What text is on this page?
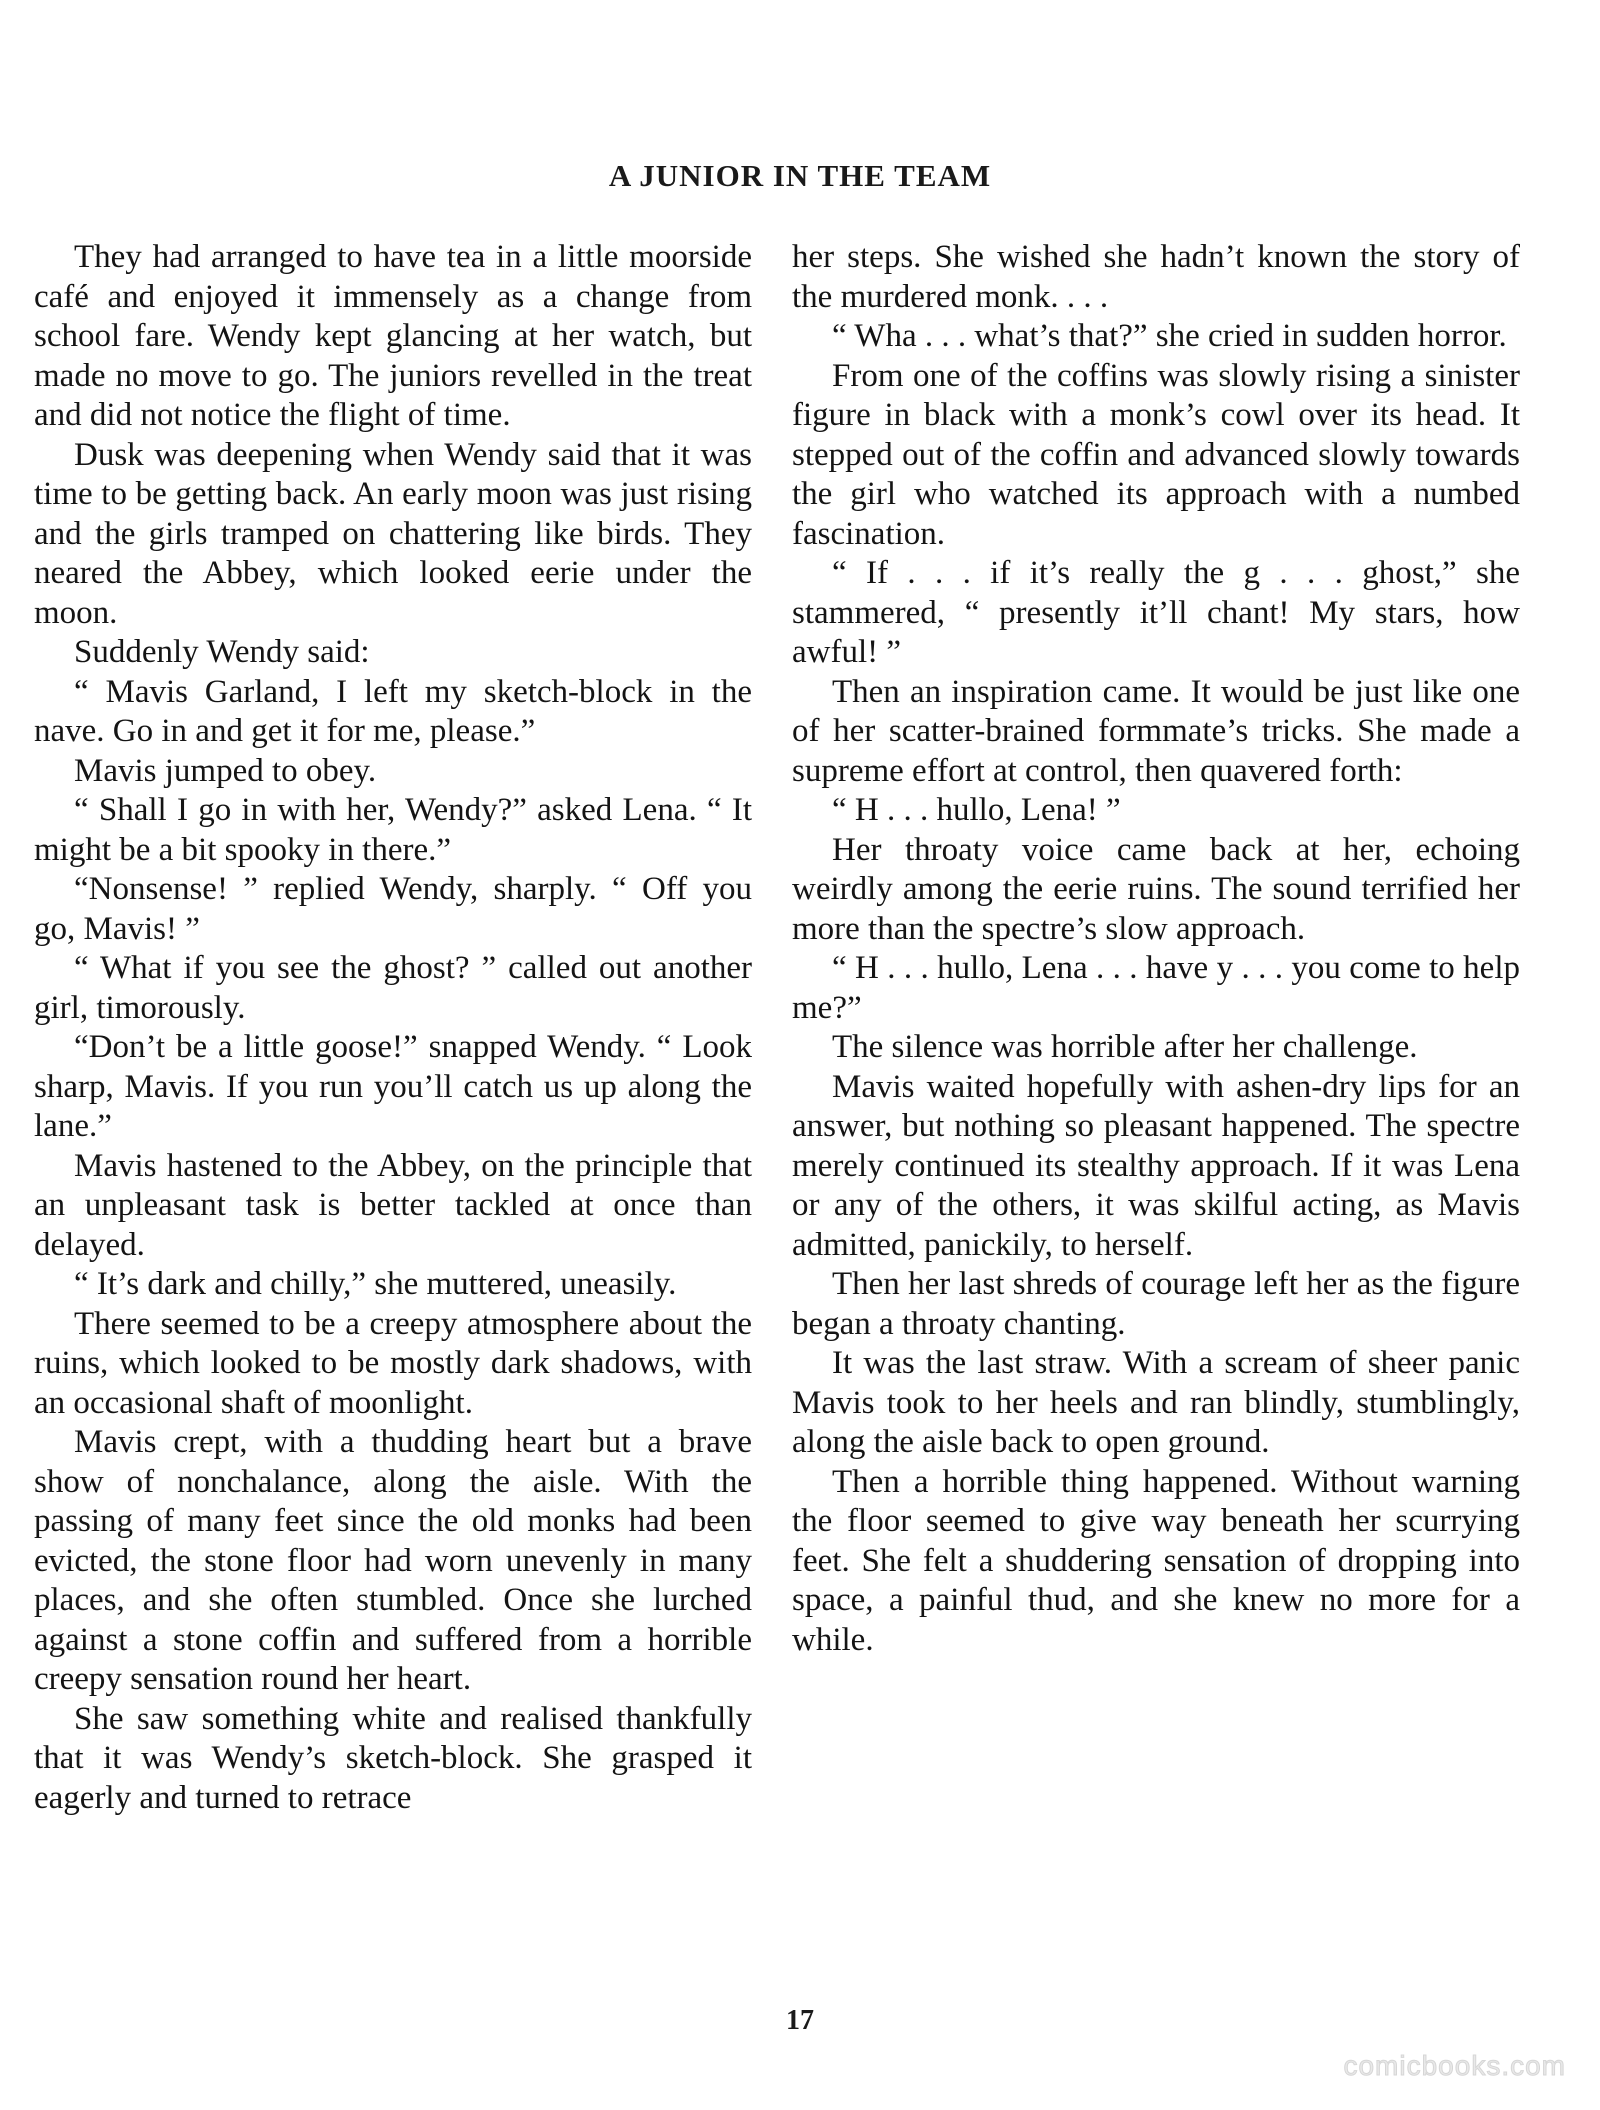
A JUNIOR IN THE TEAM

They had arranged to have tea in a little moorside café and enjoyed it immensely as a change from school fare. Wendy kept glancing at her watch, but made no move to go. The juniors revelled in the treat and did not notice the flight of time.

Dusk was deepening when Wendy said that it was time to be getting back. An early moon was just rising and the girls tramped on chattering like birds. They neared the Abbey, which looked eerie under the moon.

Suddenly Wendy said:

“ Mavis Garland, I left my sketch-block in the nave. Go in and get it for me, please.”

Mavis jumped to obey.

“ Shall I go in with her, Wendy?” asked Lena. “ It might be a bit spooky in there.”

“Nonsense! ” replied Wendy, sharply. “ Off you go, Mavis! ”

“ What if you see the ghost? ” called out another girl, timorously.

“Don’t be a little goose!” snapped Wendy. “ Look sharp, Mavis. If you run you’ll catch us up along the lane.”

Mavis hastened to the Abbey, on the principle that an unpleasant task is better tackled at once than delayed.

“ It’s dark and chilly,” she muttered, uneasily.

There seemed to be a creepy atmosphere about the ruins, which looked to be mostly dark shadows, with an occasional shaft of moonlight.

Mavis crept, with a thudding heart but a brave show of nonchalance, along the aisle. With the passing of many feet since the old monks had been evicted, the stone floor had worn unevenly in many places, and she often stumbled. Once she lurched against a stone coffin and suffered from a horrible creepy sensation round her heart.

She saw something white and realised thankfully that it was Wendy’s sketch-block. She grasped it eagerly and turned to retrace

her steps. She wished she hadn’t known the story of the murdered monk. . . .

“ Wha . . . what’s that?” she cried in sudden horror.

From one of the coffins was slowly rising a sinister figure in black with a monk’s cowl over its head. It stepped out of the coffin and advanced slowly towards the girl who watched its approach with a numbed fascination.

“ If . . . if it’s really the g . . . ghost,” she stammered, “ presently it’ll chant! My stars, how awful! ”

Then an inspiration came. It would be just like one of her scatter-brained formmate’s tricks. She made a supreme effort at control, then quavered forth:

“ H . . . hullo, Lena! ”

Her throaty voice came back at her, echoing weirdly among the eerie ruins. The sound terrified her more than the spectre’s slow approach.

“ H . . . hullo, Lena . . . have y . . . you come to help me?”

The silence was horrible after her challenge.

Mavis waited hopefully with ashen-dry lips for an answer, but nothing so pleasant happened. The spectre merely continued its stealthy approach. If it was Lena or any of the others, it was skilful acting, as Mavis admitted, panickily, to herself.

Then her last shreds of courage left her as the figure began a throaty chanting.

It was the last straw. With a scream of sheer panic Mavis took to her heels and ran blindly, stumblingly, along the aisle back to open ground.

Then a horrible thing happened. Without warning the floor seemed to give way beneath her scurrying feet. She felt a shuddering sensation of dropping into space, a painful thud, and she knew no more for a while.

17
comicbooks.com
